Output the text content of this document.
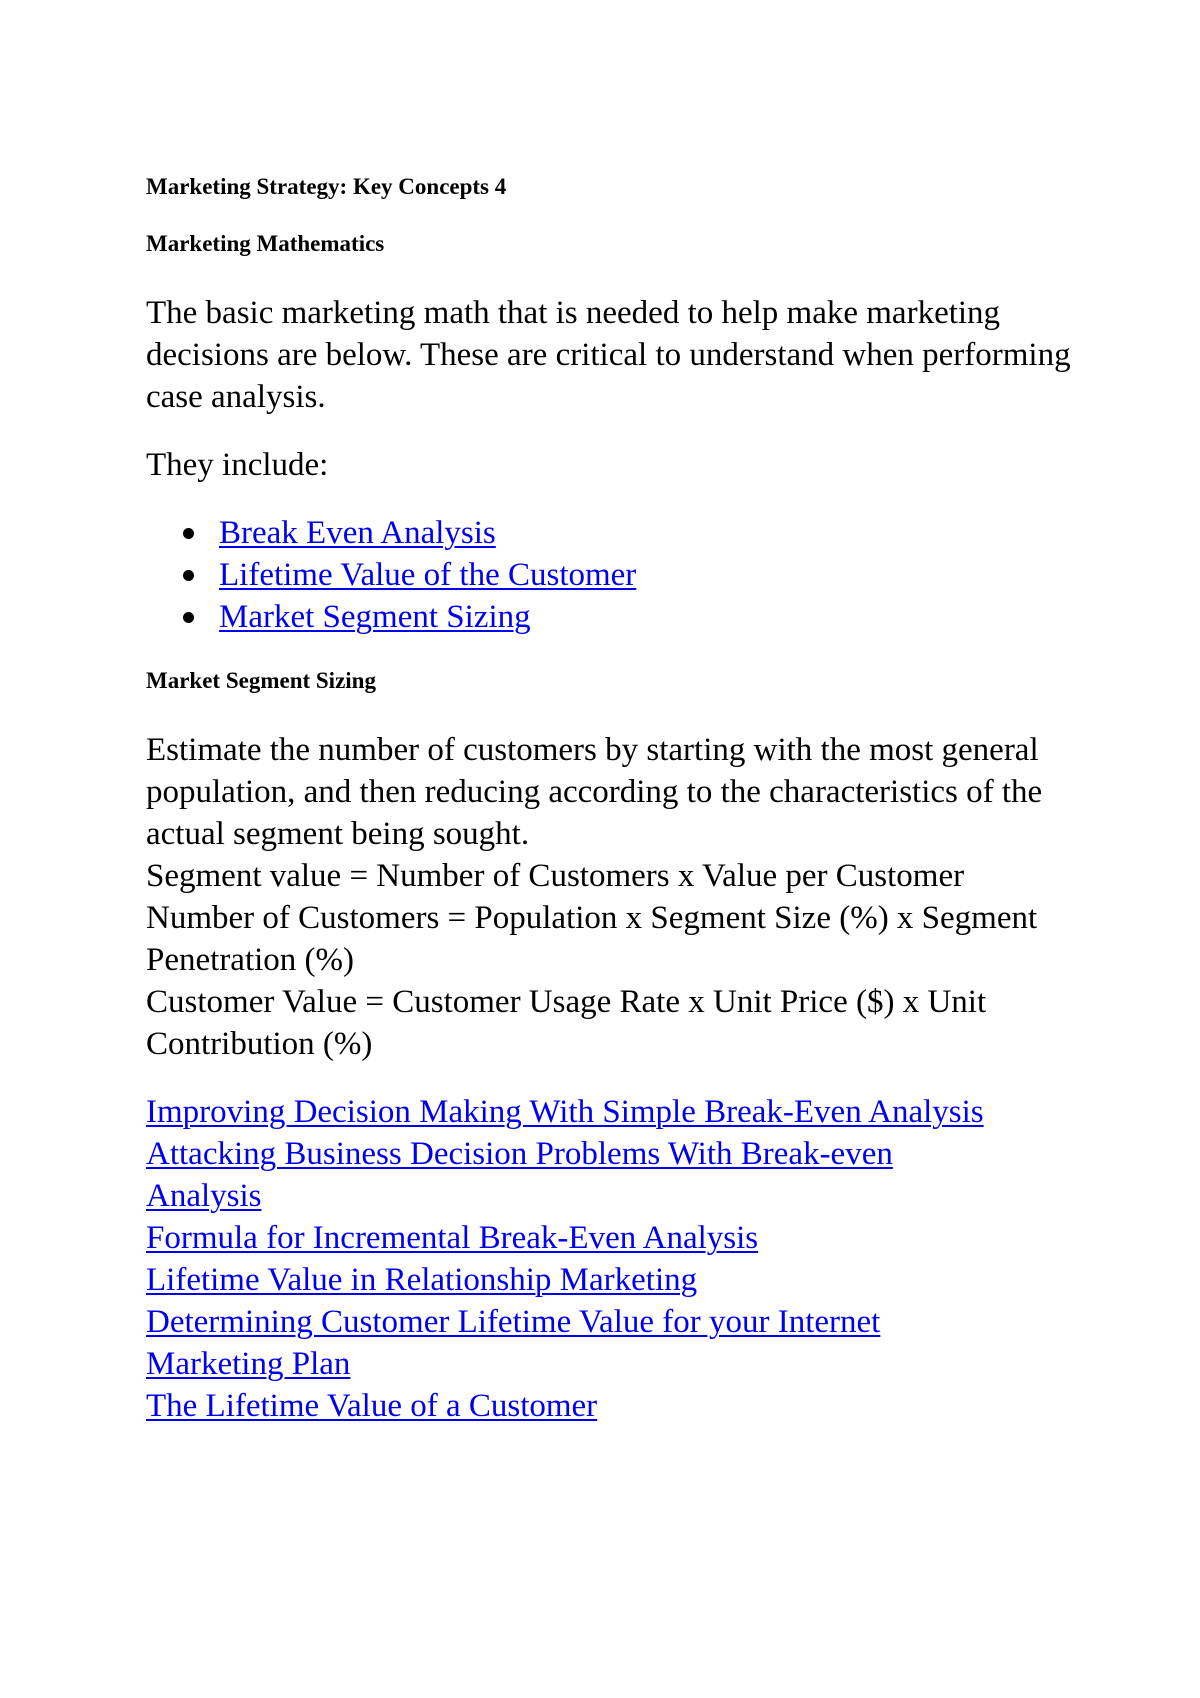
Marketing Strategy: Key Concepts 4

Marketing Mathematics

The basic marketing math that is needed to help make marketing decisions are below. These are critical to understand when performing case analysis.

They include:

Break Even Analysis
Lifetime Value of the Customer
Market Segment Sizing

Market Segment Sizing

Estimate the number of customers by starting with the most general population, and then reducing according to the characteristics of the actual segment being sought.

Segment value = Number of Customers x Value per Customer

Number of Customers = Population x Segment Size (%) x Segment Penetration (%)

Customer Value = Customer Usage Rate x Unit Price ($) x Unit Contribution (%)

Improving Decision Making With Simple Break-Even Analysis
Attacking Business Decision Problems With Break-even Analysis
Formula for Incremental Break-Even Analysis
Lifetime Value in Relationship Marketing
Determining Customer Lifetime Value for your Internet Marketing Plan
The Lifetime Value of a Customer
